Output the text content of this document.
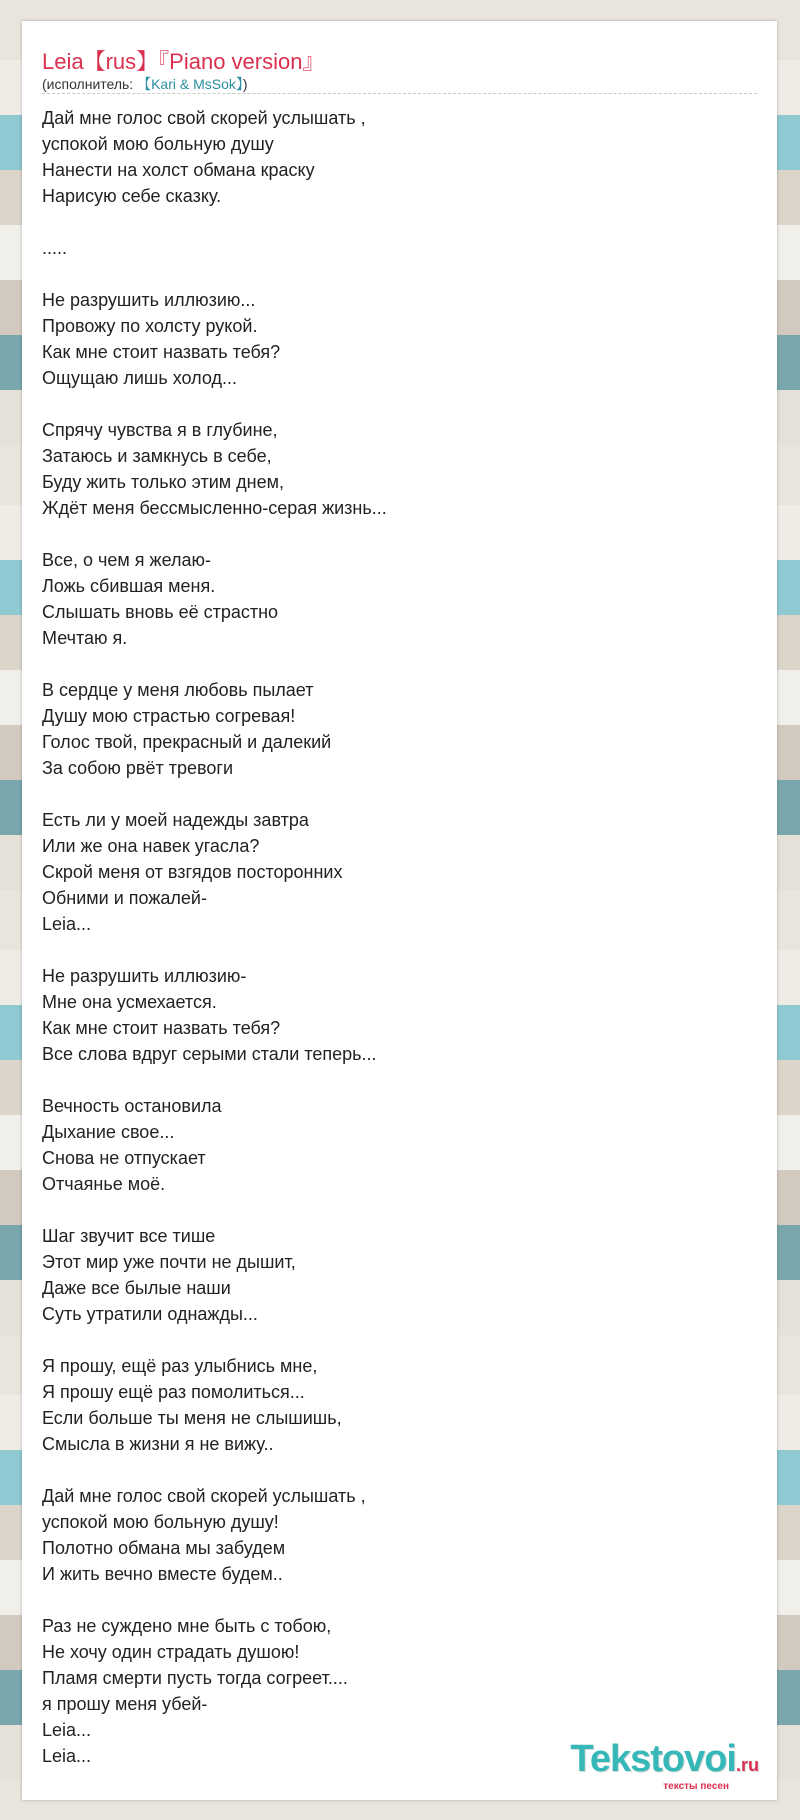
Leia【rus】『Piano version』
(исполнитель: 【Kari & MsSok】)
Дай мне голос свой скорей услышать ,
успокой мою больную душу
Нанести на холст обмана краску
Нарисую себе сказку.
.....
Не разрушить иллюзию...
Провожу по холсту рукой.
Как мне стоит назвать тебя?
Ощущаю лишь холод...
Спрячу чувства я в глубине,
Затаюсь и замкнусь в себе,
Буду жить только этим днем,
Ждёт меня бессмысленно-серая жизнь...
Все, о чем я желаю-
Ложь сбившая меня.
Слышать вновь её страстно
Мечтаю я.
В сердце у меня любовь пылает
Душу мою страстью согревая!
Голос твой, прекрасный и далекий
За собою рвёт тревоги
Есть ли у моей надежды завтра
Или же она навек угасла?
Скрой меня от взгядов посторонних
Обними и пожалей-
Leia...
Не разрушить иллюзию-
Мне она усмехается.
Как мне стоит назвать тебя?
Все слова вдруг серыми стали теперь...
Вечность остановила
Дыхание свое...
Снова не отпускает
Отчаянье моё.
Шаг звучит все тише
Этот мир уже почти не дышит,
Даже все былые наши
Суть утратили однажды...
Я прошу, ещё раз улыбнись мне,
Я прошу ещё раз помолиться...
Если больше ты меня не слышишь,
Смысла в жизни я не вижу..
Дай мне голос свой скорей услышать ,
успокой мою больную душу!
Полотно обмана мы забудем
И жить вечно вместе будем..
Раз не суждено мне быть с тобою,
Не хочу один страдать душою!
Пламя смерти пусть тогда согреет....
я прошу меня убей-
Leia...
Leia...	Tekstovoi.ru
тексты песен
